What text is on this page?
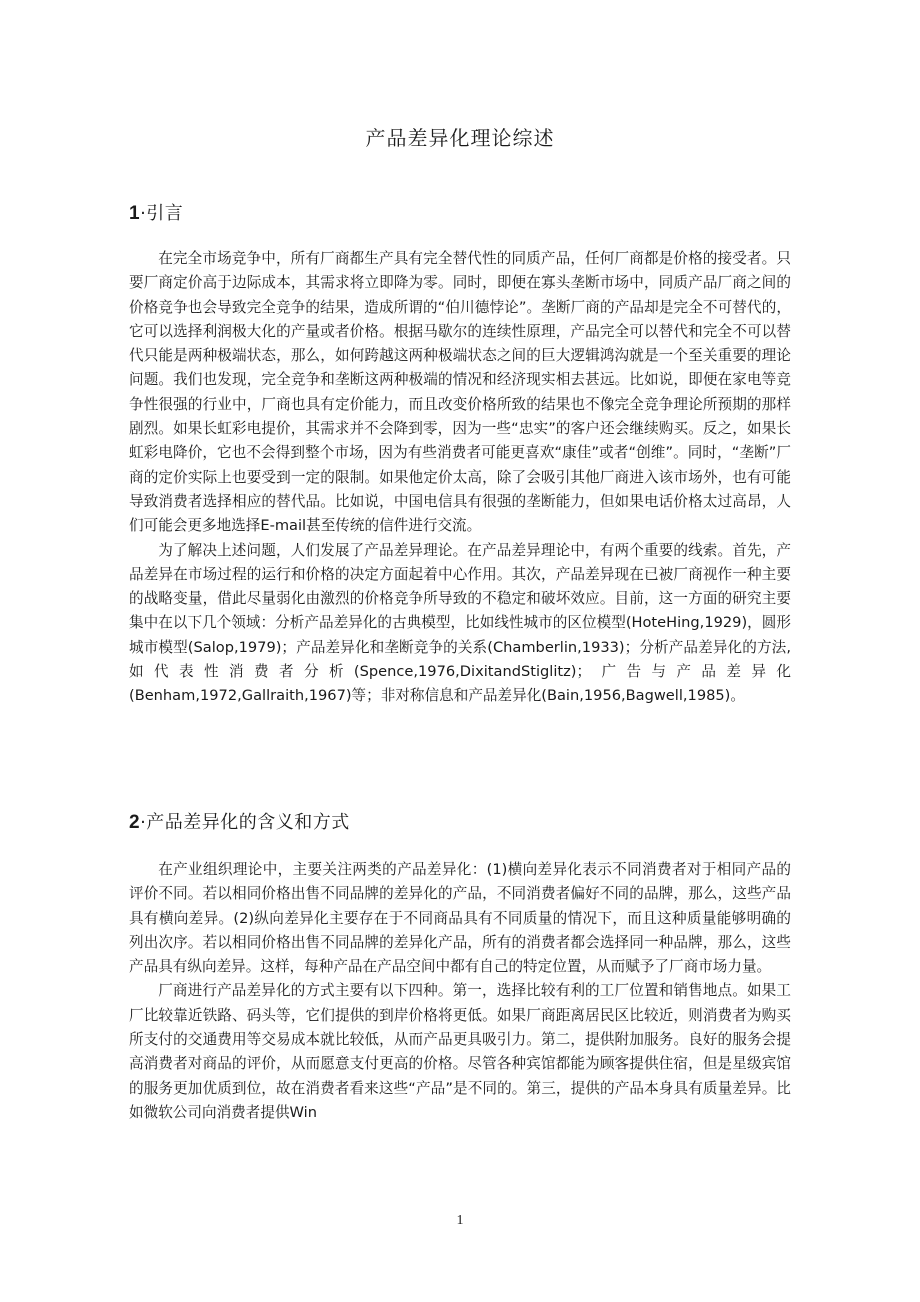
产品差异化理论综述
1·引言

在完全市场竞争中，所有厂商都生产具有完全替代性的同质产品，任何厂商都是价格的接受者。只要厂商定价高于边际成本，其需求将立即降为零。同时，即便在寡头垄断市场中，同质产品厂商之间的价格竞争也会导致完全竞争的结果，造成所谓的“伯川德悖论”。垄断厂商的产品却是完全不可替代的，它可以选择利润极大化的产量或者价格。根据马歇尔的连续性原理，产品完全可以替代和完全不可以替代只能是两种极端状态，那么，如何跨越这两种极端状态之间的巨大逻辑鸿沟就是一个至关重要的理论问题。我们也发现，完全竞争和垄断这两种极端的情况和经济现实相去甚远。比如说，即便在家电等竞争性很强的行业中，厂商也具有定价能力，而且改变价格所致的结果也不像完全竞争理论所预期的那样剧烈。如果长虹彩电提价，其需求并不会降到零，因为一些“忠实”的客户还会继续购买。反之，如果长虹彩电降价，它也不会得到整个市场，因为有些消费者可能更喜欢“康佳”或者“创维”。同时，“垄断”厂商的定价实际上也要受到一定的限制。如果他定价太高，除了会吸引其他厂商进入该市场外，也有可能导致消费者选择相应的替代品。比如说，中国电信具有很强的垄断能力，但如果电话价格太过高昂，人们可能会更多地选择E-mail甚至传统的信件进行交流。

为了解决上述问题，人们发展了产品差异理论。在产品差异理论中，有两个重要的线索。首先，产品差异在市场过程的运行和价格的决定方面起着中心作用。其次，产品差异现在已被厂商视作一种主要的战略变量，借此尽量弱化由激烈的价格竞争所导致的不稳定和破坏效应。目前，这一方面的研究主要集中在以下几个领域：分析产品差异化的古典模型，比如线性城市的区位模型(HoteHing,1929)，圆形城市模型(Salop,1979)；产品差异化和垄断竞争的关系(Chamberlin,1933)；分析产品差异化的方法,如代表性消费者分析(Spence,1976,DixitandStiglitz)；广告与产品差异化(Benham,1972,Gallraith,1967)等；非对称信息和产品差异化(Bain,1956,Bagwell,1985)。

2·产品差异化的含义和方式

在产业组织理论中，主要关注两类的产品差异化：(1)横向差异化表示不同消费者对于相同产品的评价不同。若以相同价格出售不同品牌的差异化的产品，不同消费者偏好不同的品牌，那么，这些产品具有横向差异。(2)纵向差异化主要存在于不同商品具有不同质量的情况下，而且这种质量能够明确的列出次序。若以相同价格出售不同品牌的差异化产品，所有的消费者都会选择同一种品牌，那么，这些产品具有纵向差异。这样，每种产品在产品空间中都有自己的特定位置，从而赋予了厂商市场力量。

厂商进行产品差异化的方式主要有以下四种。第一，选择比较有利的工厂位置和销售地点。如果工厂比较靠近铁路、码头等，它们提供的到岸价格将更低。如果厂商距离居民区比较近，则消费者为购买所支付的交通费用等交易成本就比较低，从而产品更具吸引力。第二，提供附加服务。良好的服务会提高消费者对商品的评价，从而愿意支付更高的价格。尽管各种宾馆都能为顾客提供住宿，但是星级宾馆的服务更加优质到位，故在消费者看来这些“产品”是不同的。第三，提供的产品本身具有质量差异。比如微软公司向消费者提供Win

1
